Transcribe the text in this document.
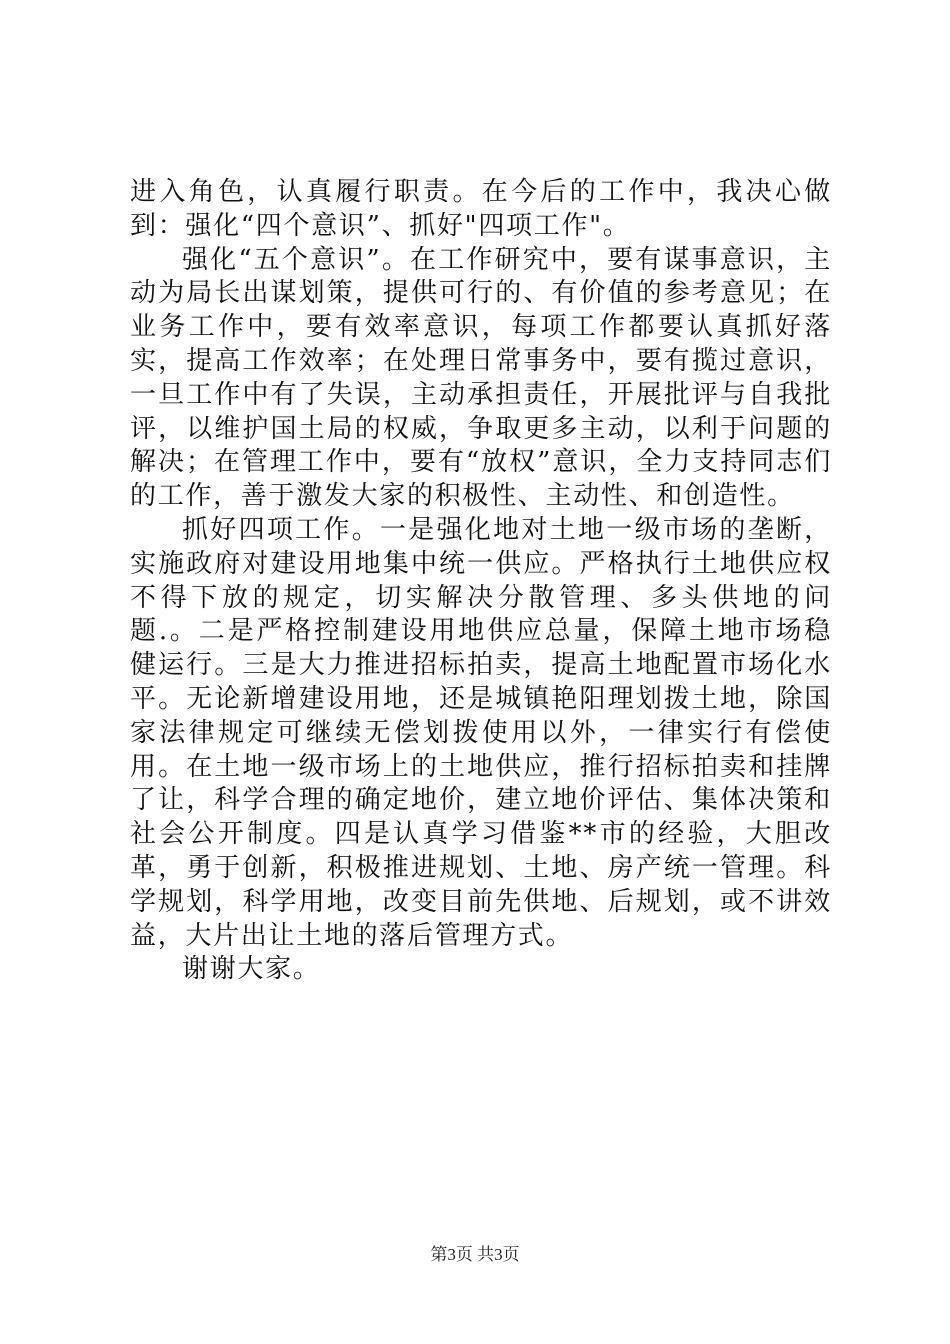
进入角色，认真履行职责。在今后的工作中，我决心做到：强化“四个意识”、抓好"四项工作"。

强化“五个意识”。在工作研究中，要有谋事意识，主动为局长出谋划策，提供可行的、有价值的参考意见；在业务工作中，要有效率意识，每项工作都要认真抓好落实，提高工作效率；在处理日常事务中，要有揽过意识，一旦工作中有了失误，主动承担责任，开展批评与自我批评，以维护国土局的权威，争取更多主动，以利于问题的解决；在管理工作中，要有“放权”意识，全力支持同志们的工作，善于激发大家的积极性、主动性、和创造性。

抓好四项工作。一是强化地对土地一级市场的垄断，实施政府对建设用地集中统一供应。严格执行土地供应权不得下放的规定，切实解决分散管理、多头供地的问题.。二是严格控制建设用地供应总量，保障土地市场稳健运行。三是大力推进招标拍卖，提高土地配置市场化水平。无论新增建设用地，还是城镇艳阳理划拨土地，除国家法律规定可继续无偿划拨使用以外，一律实行有偿使用。在土地一级市场上的土地供应，推行招标拍卖和挂牌了让，科学合理的确定地价，建立地价评估、集体决策和社会公开制度。四是认真学习借鉴**市的经验，大胆改革，勇于创新，积极推进规划、土地、房产统一管理。科学规划，科学用地，改变目前先供地、后规划，或不讲效益，大片出让土地的落后管理方式。

谢谢大家。

第3页 共3页
